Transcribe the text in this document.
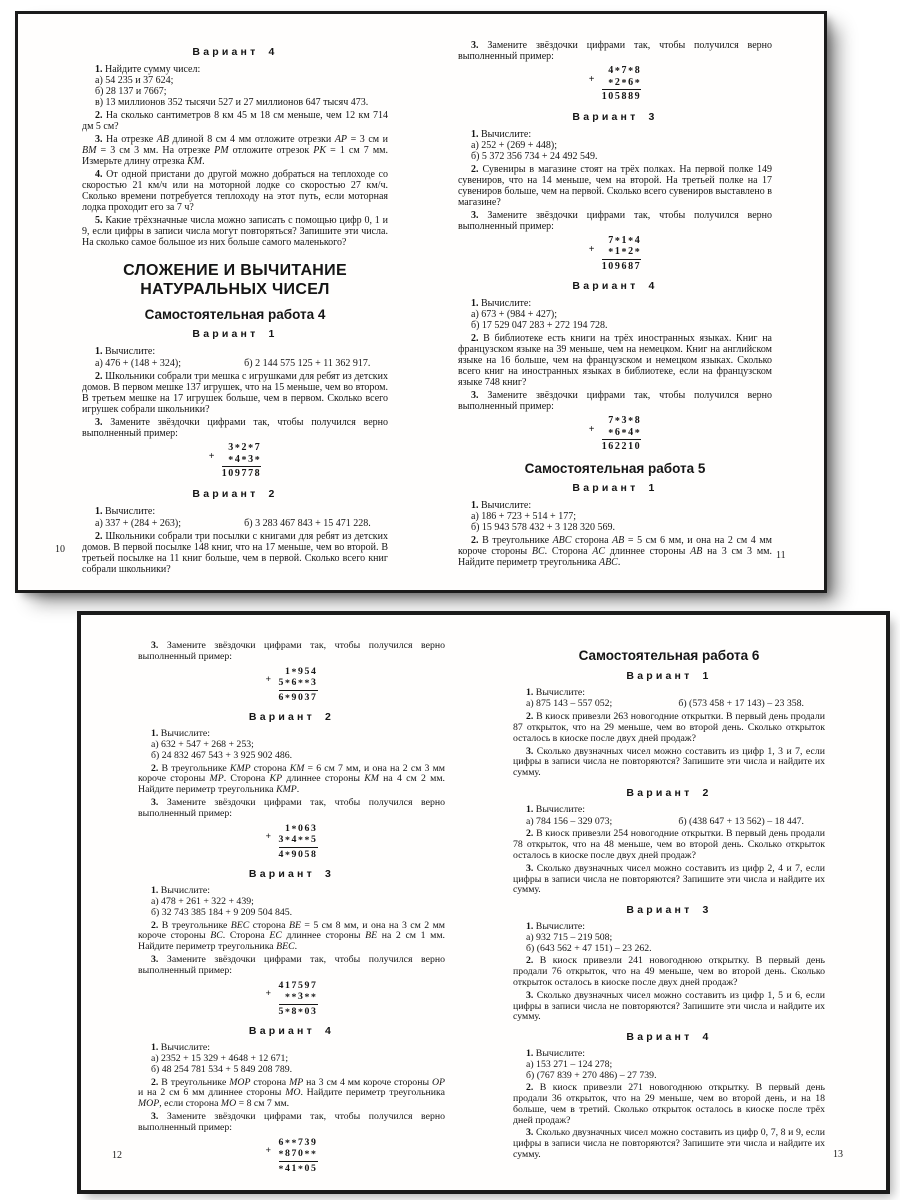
Вариант 4
1. Найдите сумму чисел:
а) 54 235 и 37 624;
б) 28 137 и 7667;
в) 13 миллионов 352 тысячи 527 и 27 миллионов 647 тысяч 473.
2. На сколько сантиметров 8 км 45 м 18 см меньше, чем 12 км 714 дм 5 см?
3. На отрезке AB длиной 8 см 4 мм отложите отрезки AP = 3 см и BM = 3 см 3 мм. На отрезке PM отложите отрезок PK = 1 см 7 мм. Измерьте длину отрезка KM.
4. От одной пристани до другой можно добраться на теплоходе со скоростью 21 км/ч или на моторной лодке со скоростью 27 км/ч. Сколько времени потребуется теплоходу на этот путь, если моторная лодка проходит его за 7 ч?
5. Какие трёхзначные числа можно записать с помощью цифр 0, 1 и 9, если цифры в записи числа могут повторяться? Запишите эти числа. На сколько самое большое из них больше самого маленького?
СЛОЖЕНИЕ И ВЫЧИТАНИЕ
НАТУРАЛЬНЫХ ЧИСЕЛ
Самостоятельная работа 4
Вариант 1
1. Вычислите:
а) 476 + (148 + 324);	б) 2 144 575 125 + 11 362 917.
2. Школьники собрали три мешка с игрушками для ребят из детских домов. В первом мешке 137 игрушек, что на 15 меньше, чем во втором. В третьем мешке на 17 игрушек больше, чем в первом. Сколько всего игрушек собрали школьники?
3. Замените звёздочки цифрами так, чтобы получился верно выполненный пример:
+
3*2*7
*4*3*
109778
Вариант 2
1. Вычислите:
а) 337 + (284 + 263);	б) 3 283 467 843 + 15 471 228.
2. Школьники собрали три посылки с книгами для ребят из детских домов. В первой посылке 148 книг, что на 17 меньше, чем во второй. В третьей посылке на 11 книг больше, чем в первой. Сколько всего книг собрали школьники?
10
3. Замените звёздочки цифрами так, чтобы получился верно выполненный пример:
+
4*7*8
*2*6*
105889
Вариант 3
1. Вычислите:
а) 252 + (269 + 448);
б) 5 372 356 734 + 24 492 549.
2. Сувениры в магазине стоят на трёх полках. На первой полке 149 сувениров, что на 14 меньше, чем на второй. На третьей полке на 17 сувениров больше, чем на первой. Сколько всего сувениров выставлено в магазине?
3. Замените звёздочки цифрами так, чтобы получился верно выполненный пример:
+
7*1*4
*1*2*
109687
Вариант 4
1. Вычислите:
а) 673 + (984 + 427);
б) 17 529 047 283 + 272 194 728.
2. В библиотеке есть книги на трёх иностранных языках. Книг на французском языке на 39 меньше, чем на немецком. Книг на английском языке на 16 больше, чем на французском и немецком языках. Сколько всего книг на иностранных языках в библиотеке, если на французском языке 748 книг?
3. Замените звёздочки цифрами так, чтобы получился верно выполненный пример:
+
7*3*8
*6*4*
162210
Самостоятельная работа 5
Вариант 1
1. Вычислите:
а) 186 + 723 + 514 + 177;
б) 15 943 578 432 + 3 128 320 569.
2. В треугольнике ABC сторона AB = 5 см 6 мм, и она на 2 см 4 мм короче стороны BC. Сторона AC длиннее стороны AB на 3 см 3 мм. Найдите периметр треугольника ABC.
11
3. Замените звёздочки цифрами так, чтобы получился верно выполненный пример:
+
1*954
5*6**3
6*9037
Вариант 2
1. Вычислите:
а) 632 + 547 + 268 + 253;
б) 24 832 467 543 + 3 925 902 486.
2. В треугольнике KMP сторона KM = 6 см 7 мм, и она на 2 см 3 мм короче стороны MP. Сторона KP длиннее стороны KM на 4 см 2 мм. Найдите периметр треугольника KMP.
3. Замените звёздочки цифрами так, чтобы получился верно выполненный пример:
+
1*063
3*4**5
4*9058
Вариант 3
1. Вычислите:
а) 478 + 261 + 322 + 439;
б) 32 743 385 184 + 9 209 504 845.
2. В треугольнике BEC сторона BE = 5 см 8 мм, и она на 3 см 2 мм короче стороны BC. Сторона EC длиннее стороны BE на 2 см 1 мм. Найдите периметр треугольника BEC.
3. Замените звёздочки цифрами так, чтобы получился верно выполненный пример:
+
417597
**3**
5*8*03
Вариант 4
1. Вычислите:
а) 2352 + 15 329 + 4648 + 12 671;
б) 48 254 781 534 + 5 849 208 789.
2. В треугольнике MOP сторона MP на 3 см 4 мм короче стороны OP и на 2 см 6 мм длиннее стороны MO. Найдите периметр треугольника MOP, если сторона MO = 8 см 7 мм.
3. Замените звёздочки цифрами так, чтобы получился верно выполненный пример:
+
6**739
*870**
*41*05
12
Самостоятельная работа 6
Вариант 1
1. Вычислите:
а) 875 143 – 557 052;	б) (573 458 + 17 143) – 23 358.
2. В киоск привезли 263 новогодние открытки. В первый день продали 87 открыток, что на 29 меньше, чем во второй день. Сколько открыток осталось в киоске после двух дней продаж?
3. Сколько двузначных чисел можно составить из цифр 1, 3 и 7, если цифры в записи числа не повторяются? Запишите эти числа и найдите их сумму.
Вариант 2
1. Вычислите:
а) 784 156 – 329 073;	б) (438 647 + 13 562) – 18 447.
2. В киоск привезли 254 новогодние открытки. В первый день продали 78 открыток, что на 48 меньше, чем во второй день. Сколько открыток осталось в киоске после двух дней продаж?
3. Сколько двузначных чисел можно составить из цифр 2, 4 и 7, если цифры в записи числа не повторяются? Запишите эти числа и найдите их сумму.
Вариант 3
1. Вычислите:
а) 932 715 – 219 508;
б) (643 562 + 47 151) – 23 262.
2. В киоск привезли 241 новогоднюю открытку. В первый день продали 76 открыток, что на 49 меньше, чем во второй день. Сколько открыток осталось в киоске после двух дней продаж?
3. Сколько двузначных чисел можно составить из цифр 1, 5 и 6, если цифры в записи числа не повторяются? Запишите эти числа и найдите их сумму.
Вариант 4
1. Вычислите:
а) 153 271 – 124 278;
б) (767 839 + 270 486) – 27 739.
2. В киоск привезли 271 новогоднюю открытку. В первый день продали 36 открыток, что на 29 меньше, чем во второй день, и на 18 больше, чем в третий. Сколько открыток осталось в киоске после трёх дней продаж?
3. Сколько двузначных чисел можно составить из цифр 0, 7, 8 и 9, если цифры в записи числа не повторяются? Запишите эти числа и найдите их сумму.	13
